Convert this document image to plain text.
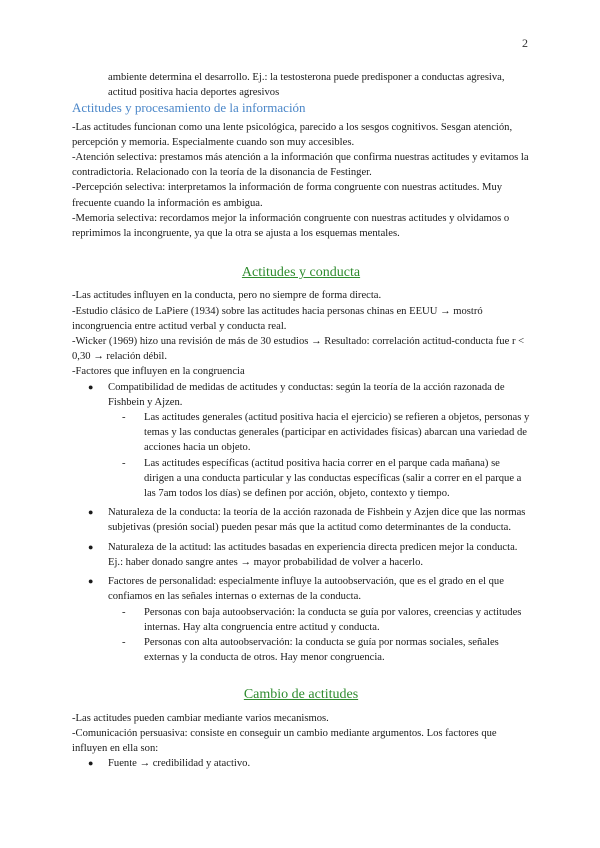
2

ambiente determina el desarrollo. Ej.: la testosterona puede predisponer a conductas agresiva, actitud positiva hacia deportes agresivos

Actitudes y procesamiento de la información

-Las actitudes funcionan como una lente psicológica, parecido a los sesgos cognitivos. Sesgan atención, percepción y memoria. Especialmente cuando son muy accesibles.

-Atención selectiva: prestamos más atención a la información que confirma nuestras actitudes y evitamos la contradictoria. Relacionado con la teoría de la disonancia de Festinger.

-Percepción selectiva: interpretamos la información de forma congruente con nuestras actitudes. Muy frecuente cuando la información es ambigua.

-Memoria selectiva: recordamos mejor la información congruente con nuestras actitudes y olvidamos o reprimimos la incongruente, ya que la otra se ajusta a los esquemas mentales.

Actitudes y conducta

-Las actitudes influyen en la conducta, pero no siempre de forma directa.

-Estudio clásico de LaPiere (1934) sobre las actitudes hacia personas chinas en EEUU → mostró incongruencia entre actitud verbal y conducta real.

-Wicker (1969) hizo una revisión de más de 30 estudios → Resultado: correlación actitud-conducta fue r < 0,30 → relación débil.

-Factores que influyen en la congruencia

● Compatibilidad de medidas de actitudes y conductas: según la teoría de la acción razonada de Fishbein y Ajzen.
- Las actitudes generales (actitud positiva hacia el ejercicio) se refieren a objetos, personas y temas y las conductas generales (participar en actividades físicas) abarcan una variedad de acciones hacia un objeto.
- Las actitudes específicas (actitud positiva hacia correr en el parque cada mañana) se dirigen a una conducta particular y las conductas específicas (salir a correr en el parque a las 7am todos los días) se definen por acción, objeto, contexto y tiempo.
● Naturaleza de la conducta: la teoría de la acción razonada de Fishbein y Azjen dice que las normas subjetivas (presión social) pueden pesar más que la actitud como determinantes de la conducta.
● Naturaleza de la actitud: las actitudes basadas en experiencia directa predicen mejor la conducta. Ej.: haber donado sangre antes → mayor probabilidad de volver a hacerlo.
● Factores de personalidad: especialmente influye la autoobservación, que es el grado en el que confiamos en las señales internas o externas de la conducta.
- Personas con baja autoobservación: la conducta se guía por valores, creencias y actitudes internas. Hay alta congruencia entre actitud y conducta.
- Personas con alta autoobservación: la conducta se guía por normas sociales, señales externas y la conducta de otros. Hay menor congruencia.
Cambio de actitudes

-Las actitudes pueden cambiar mediante varios mecanismos.

-Comunicación persuasiva: consiste en conseguir un cambio mediante argumentos. Los factores que influyen en ella son:

● Fuente → credibilidad y atactivo.
